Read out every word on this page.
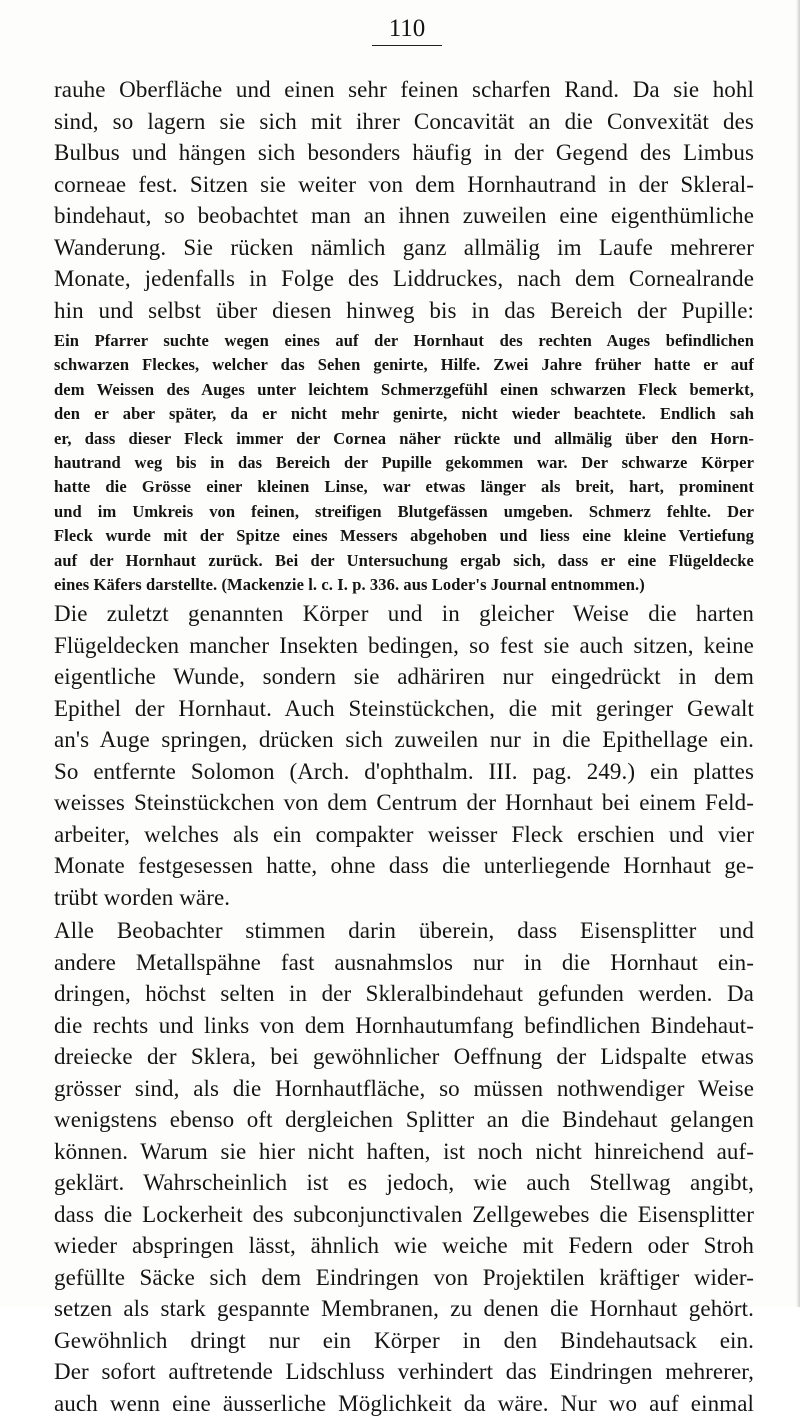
110
rauhe Oberfläche und einen sehr feinen scharfen Rand. Da sie hohl
sind, so lagern sie sich mit ihrer Concavität an die Convexität des
Bulbus und hängen sich besonders häufig in der Gegend des Limbus
corneae fest. Sitzen sie weiter von dem Hornhautrand in der Skleral-
bindehaut, so beobachtet man an ihnen zuweilen eine eigenthümliche
Wanderung. Sie rücken nämlich ganz allmälig im Laufe mehrerer
Monate, jedenfalls in Folge des Liddruckes, nach dem Cornealrande
hin und selbst über diesen hinweg bis in das Bereich der Pupille:
Ein Pfarrer suchte wegen eines auf der Hornhaut des rechten Auges befindlichen
schwarzen Fleckes, welcher das Sehen genirte, Hilfe. Zwei Jahre früher hatte er auf
dem Weissen des Auges unter leichtem Schmerzgefühl einen schwarzen Fleck bemerkt,
den er aber später, da er nicht mehr genirte, nicht wieder beachtete. Endlich sah
er, dass dieser Fleck immer der Cornea näher rückte und allmälig über den Horn-
hautrand weg bis in das Bereich der Pupille gekommen war. Der schwarze Körper
hatte die Grösse einer kleinen Linse, war etwas länger als breit, hart, prominent
und im Umkreis von feinen, streifigen Blutgefässen umgeben. Schmerz fehlte. Der
Fleck wurde mit der Spitze eines Messers abgehoben und liess eine kleine Vertiefung
auf der Hornhaut zurück. Bei der Untersuchung ergab sich, dass er eine Flügeldecke
eines Käfers darstellte. (Mackenzie l. c. I. p. 336. aus Loder's Journal entnommen.)
Die zuletzt genannten Körper und in gleicher Weise die harten
Flügeldecken mancher Insekten bedingen, so fest sie auch sitzen, keine
eigentliche Wunde, sondern sie adhäriren nur eingedrückt in dem
Epithel der Hornhaut. Auch Steinstückchen, die mit geringer Gewalt
an's Auge springen, drücken sich zuweilen nur in die Epithellage ein.
So entfernte Solomon (Arch. d'ophthalm. III. pag. 249.) ein plattes
weisses Steinstückchen von dem Centrum der Hornhaut bei einem Feld-
arbeiter, welches als ein compakter weisser Fleck erschien und vier
Monate festgesessen hatte, ohne dass die unterliegende Hornhaut ge-
trübt worden wäre.
Alle Beobachter stimmen darin überein, dass Eisensplitter und
andere Metallspähne fast ausnahmslos nur in die Hornhaut ein-
dringen, höchst selten in der Skleralbindehaut gefunden werden. Da
die rechts und links von dem Hornhautumfang befindlichen Bindehaut-
dreiecke der Sklera, bei gewöhnlicher Oeffnung der Lidspalte etwas
grösser sind, als die Hornhautfläche, so müssen nothwendiger Weise
wenigstens ebenso oft dergleichen Splitter an die Bindehaut gelangen
können. Warum sie hier nicht haften, ist noch nicht hinreichend auf-
geklärt. Wahrscheinlich ist es jedoch, wie auch Stellwag angibt,
dass die Lockerheit des subconjunctivalen Zellgewebes die Eisensplitter
wieder abspringen lässt, ähnlich wie weiche mit Federn oder Stroh
gefüllte Säcke sich dem Eindringen von Projektilen kräftiger wider-
setzen als stark gespannte Membranen, zu denen die Hornhaut gehört.
Gewöhnlich dringt nur ein Körper in den Bindehautsack ein.
Der sofort auftretende Lidschluss verhindert das Eindringen mehrerer,
auch wenn eine äusserliche Möglichkeit da wäre. Nur wo auf einmal
